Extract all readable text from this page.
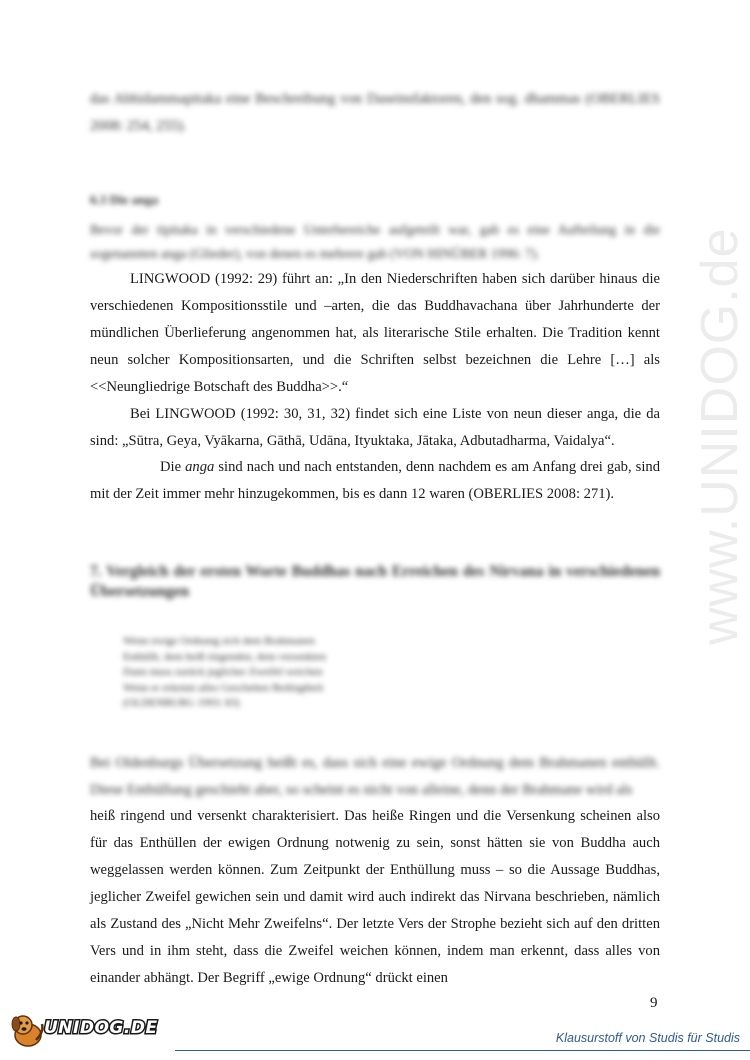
www.UNIDOG.de

das Abhidammapitaka eine Beschreibung von Daseinsfaktoren, den sog. dhammas (OBERLIES 2008: 254, 255).

6.3 Die anga

Bevor der tipitaka in verschiedene Unterbereiche aufgeteilt war, gab es eine Aufteilung in die sogenannten anga (Glieder), von denen es mehrere gab (VON HINÜBER 1996: 7).

LINGWOOD (1992: 29) führt an: „In den Niederschriften haben sich darüber hinaus die verschiedenen Kompositionsstile und –arten, die das Buddhavachana über Jahrhunderte der mündlichen Überlieferung angenommen hat, als literarische Stile erhalten. Die Tradition kennt neun solcher Kompositionsarten, und die Schriften selbst bezeichnen die Lehre […] als <<Neungliedrige Botschaft des Buddha>>.“

Bei LINGWOOD (1992: 30, 31, 32) findet sich eine Liste von neun dieser anga, die da sind: „Sūtra, Geya, Vyākarna, Gāthā, Udāna, Ityuktaka, Jātaka, Adbutadharma, Vaidalya“.

Die anga sind nach und nach entstanden, denn nachdem es am Anfang drei gab, sind mit der Zeit immer mehr hinzugekommen, bis es dann 12 waren (OBERLIES 2008: 271).

7. Vergleich der ersten Worte Buddhas nach Erreichen des Nirvana in verschiedenen Übersetzungen
Wenn ewige Ordnung sich dem Brahmanen
Enthüllt, dem heiß ringenden, dem versenkten
Dann muss zurück jeglicher Zweifel weichen
Wenn er erkennt alles Geschehen Bedingtheit
(OLDENBURG 1993: 83)

Bei Oldenburgs Übersetzung heißt es, dass sich eine ewige Ordnung dem Brahmanen enthüllt. Diese Enthüllung geschieht aber, so scheint es nicht von alleine, denn der Brahmane wird als

heiß ringend und versenkt charakterisiert. Das heiße Ringen und die Versenkung scheinen also für das Enthüllen der ewigen Ordnung notwenig zu sein, sonst hätten sie von Buddha auch weggelassen werden können. Zum Zeitpunkt der Enthüllung muss – so die Aussage Buddhas, jeglicher Zweifel gewichen sein und damit wird auch indirekt das Nirvana beschrieben, nämlich als Zustand des „Nicht Mehr Zweifelns“. Der letzte Vers der Strophe bezieht sich auf den dritten Vers und in ihm steht, dass die Zweifel weichen können, indem man erkennt, dass alles von einander abhängt. Der Begriff „ewige Ordnung“ drückt einen

9
UNIDOG.DE	Klausurstoff von Studis für Studis
